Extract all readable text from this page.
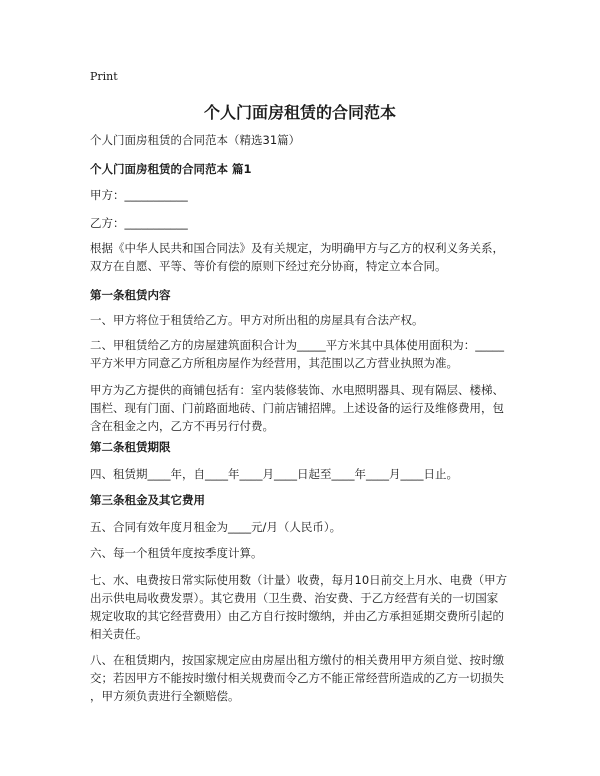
Print
个人门面房租赁的合同范本
个人门面房租赁的合同范本（精选31篇）
个人门面房租赁的合同范本 篇1
甲方：___________
乙方：___________
根据《中华人民共和国合同法》及有关规定，为明确甲方与乙方的权利义务关系，
双方在自愿、平等、等价有偿的原则下经过充分协商，特定立本合同。
第一条租赁内容
一、甲方将位于租赁给乙方。甲方对所出租的房屋具有合法产权。
二、甲租赁给乙方的房屋建筑面积合计为_____平方米其中具体使用面积为：_____
平方米甲方同意乙方所租房屋作为经营用，其范围以乙方营业执照为准。
甲方为乙方提供的商铺包括有：室内装修装饰、水电照明器具、现有隔层、楼梯、
围栏、现有门面、门前路面地砖、门前店铺招牌。上述设备的运行及维修费用，包
含在租金之内，乙方不再另行付费。
第二条租赁期限
四、租赁期____年，自____年____月____日起至____年____月____日止。
第三条租金及其它费用
五、合同有效年度月租金为____元/月（人民币）。
六、每一个租赁年度按季度计算。
七、水、电费按日常实际使用数（计量）收费，每月10日前交上月水、电费（甲方
出示供电局收费发票）。其它费用（卫生费、治安费、于乙方经营有关的一切国家
规定收取的其它经营费用）由乙方自行按时缴纳，并由乙方承担延期交费所引起的
相关责任。
八、在租赁期内，按国家规定应由房屋出租方缴付的相关费用甲方须自觉、按时缴
交；若因甲方不能按时缴付相关规费而令乙方不能正常经营所造成的乙方一切损失
，甲方须负责进行全额赔偿。
